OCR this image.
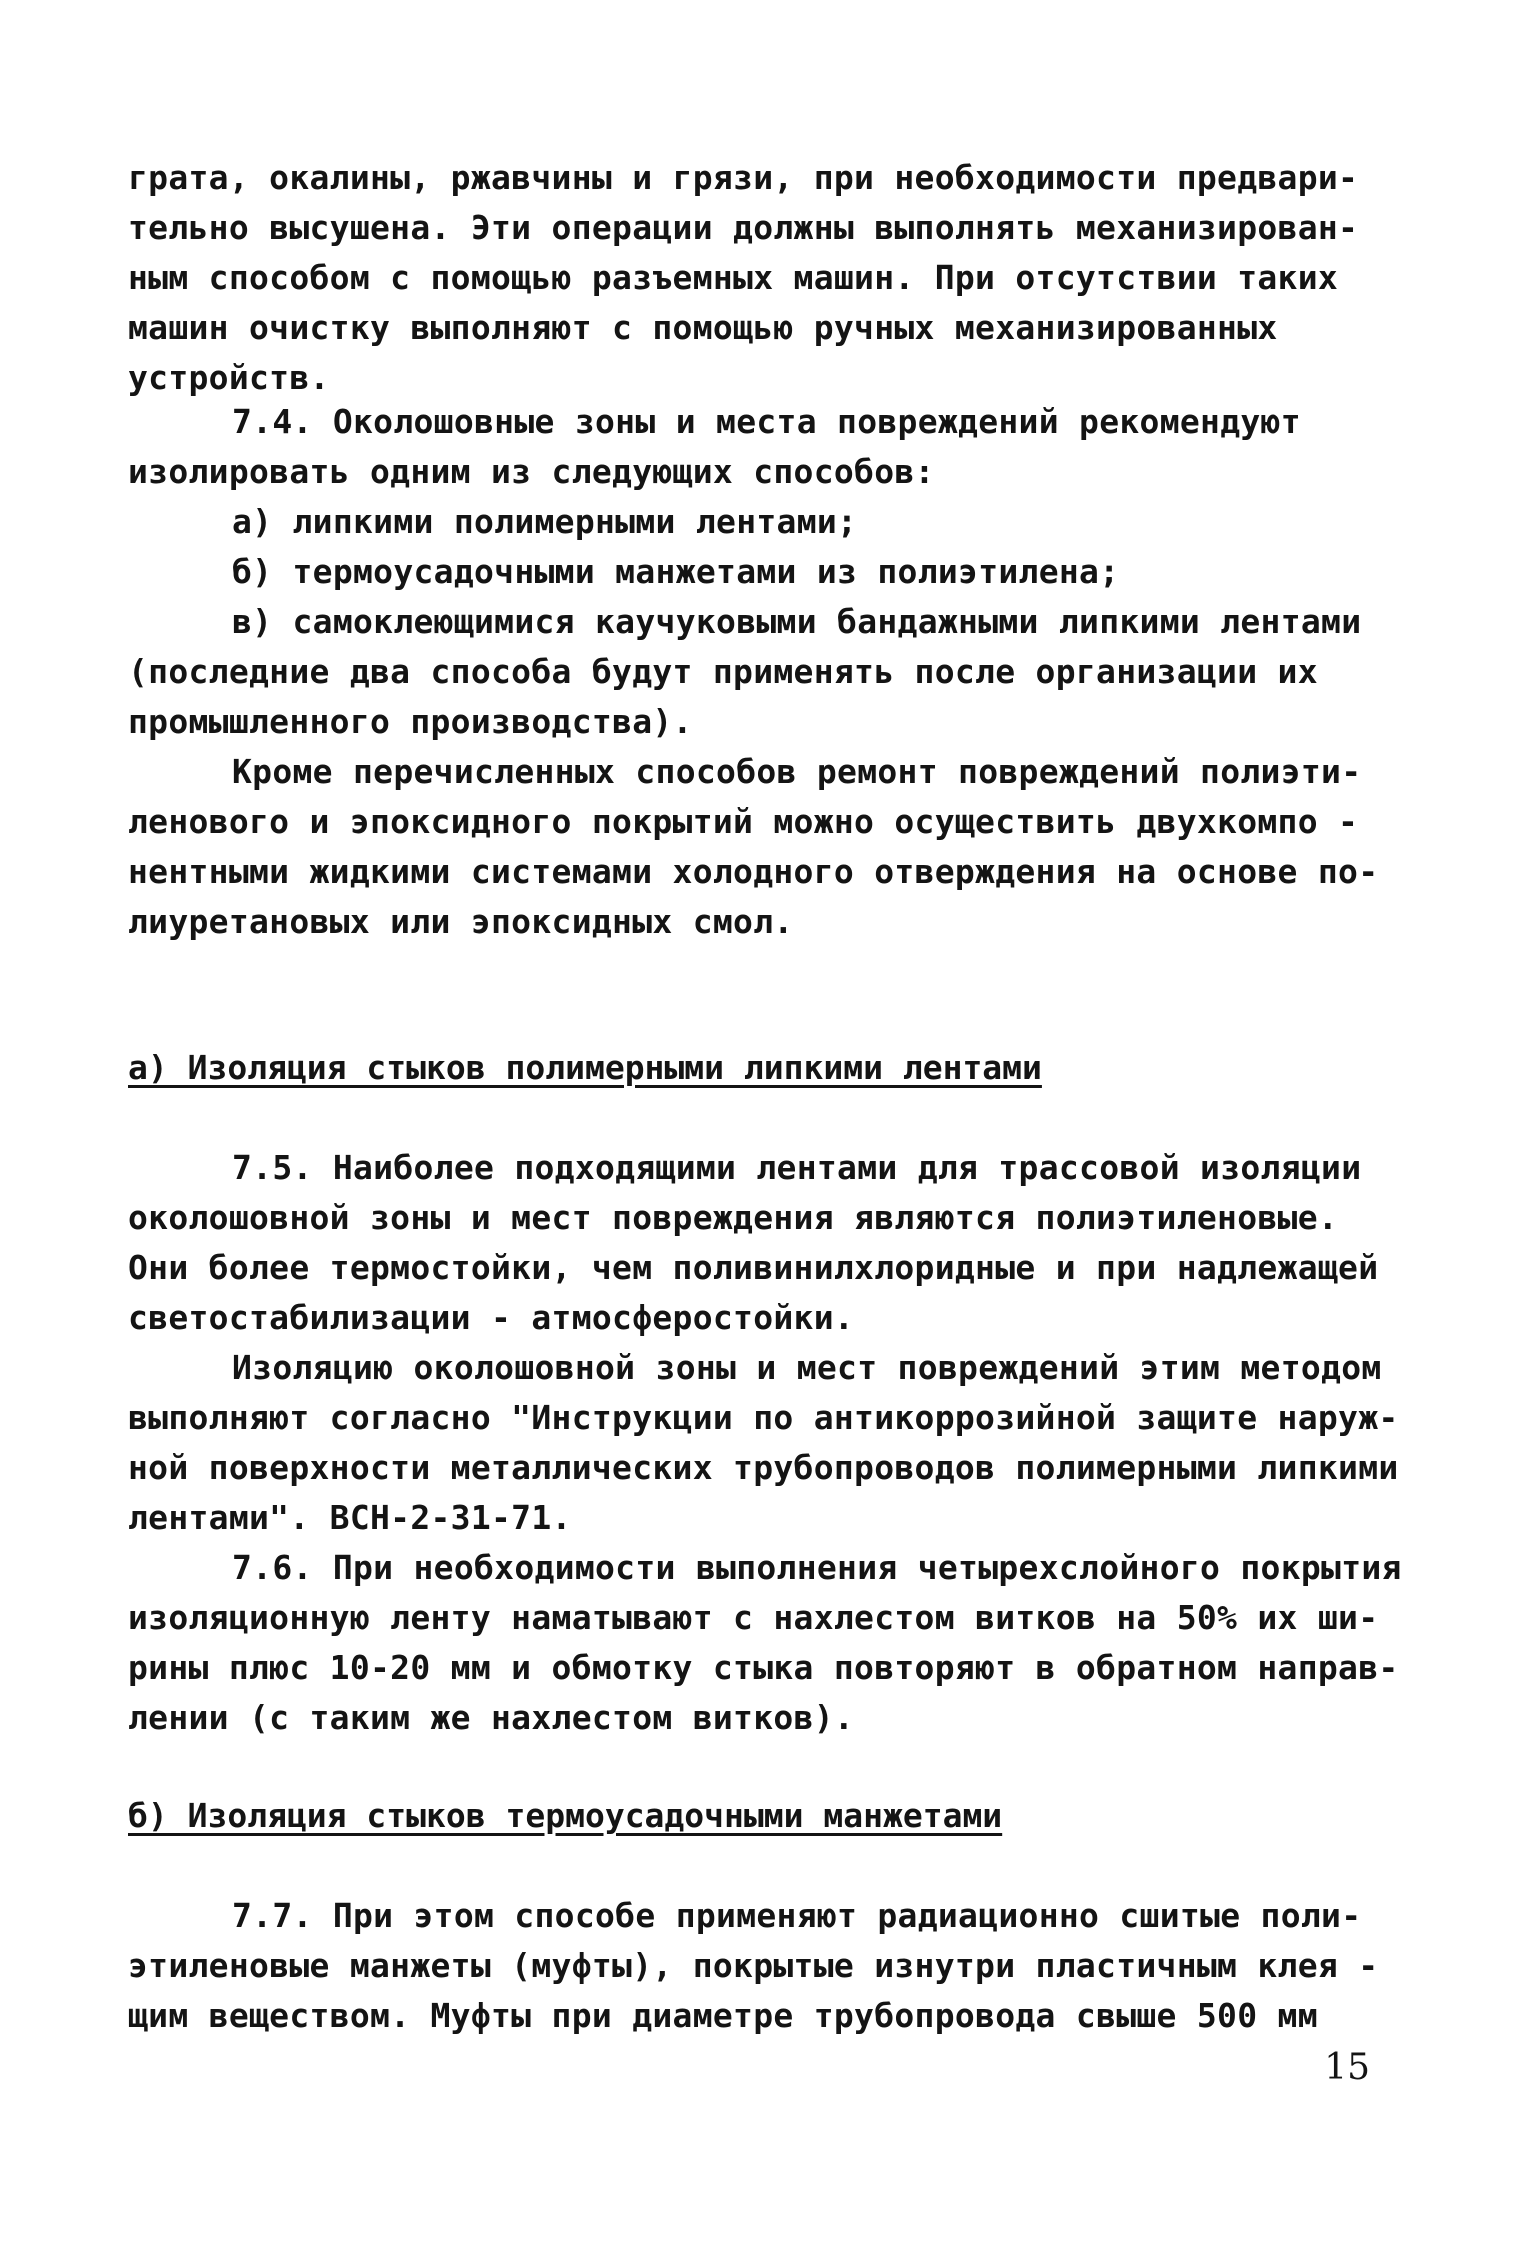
грата, окалины, ржавчины и грязи, при необходимости предвари-
тельно высушена. Эти операции должны выполнять механизирован-
ным способом с помощью разъемных машин. При отсутствии таких
машин очистку выполняют с помощью ручных механизированных
устройств.
7.4. Околошовные зоны и места повреждений рекомендуют
изолировать одним из следующих способов:
а) липкими полимерными лентами;
б) термоусадочными манжетами из полиэтилена;
в) самоклеющимися каучуковыми бандажными липкими лентами
(последние два способа будут применять после организации их
промышленного производства).
Кроме перечисленных способов ремонт повреждений полиэти-
ленового и эпоксидного покрытий можно осуществить двухкомпо -
нентными жидкими системами холодного отверждения на основе по-
лиуретановых или эпоксидных смол.
а) Изоляция стыков полимерными липкими лентами
7.5. Наиболее подходящими лентами для трассовой изоляции
околошовной зоны и мест повреждения являются полиэтиленовые.
Они более термостойки, чем поливинилхлоридные и при надлежащей
светостабилизации - атмосферостойки.
Изоляцию околошовной зоны и мест повреждений этим методом
выполняют согласно "Инструкции по антикоррозийной защите наруж-
ной поверхности металлических трубопроводов полимерными липкими
лентами". ВСН-2-31-71.
7.6. При необходимости выполнения четырехслойного покрытия
изоляционную ленту наматывают с нахлестом витков на 50% их ши-
рины плюс 10-20 мм и обмотку стыка повторяют в обратном направ-
лении (с таким же нахлестом витков).
б) Изоляция стыков термоусадочными манжетами
7.7. При этом способе применяют радиационно сшитые поли-
этиленовые манжеты (муфты), покрытые изнутри пластичным клея -
щим веществом. Муфты при диаметре трубопровода свыше 500 мм
15
